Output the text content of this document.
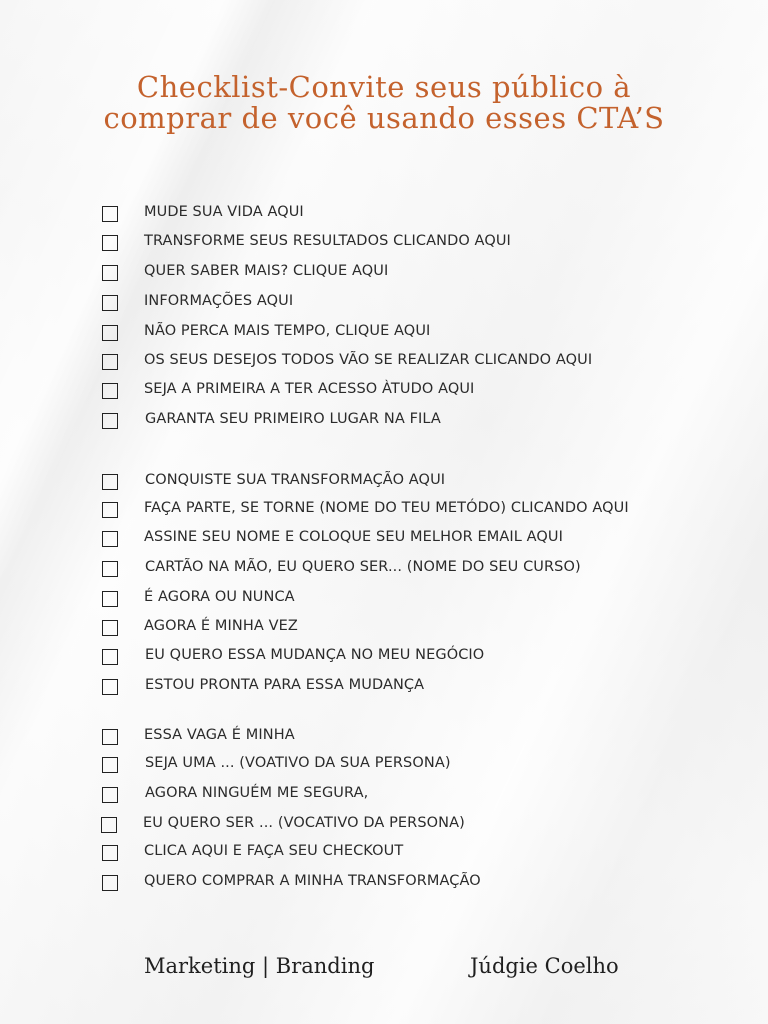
Checklist-Convite seus público à
comprar de você usando esses CTA’S
MUDE SUA VIDA AQUI
TRANSFORME SEUS RESULTADOS CLICANDO AQUI
QUER SABER MAIS? CLIQUE AQUI
INFORMAÇÕES AQUI
NÃO PERCA MAIS TEMPO, CLIQUE AQUI
OS SEUS DESEJOS TODOS VÃO SE REALIZAR CLICANDO AQUI
SEJA A PRIMEIRA A TER ACESSO ÀTUDO AQUI
GARANTA SEU PRIMEIRO LUGAR NA FILA
CONQUISTE SUA TRANSFORMAÇÃO AQUI
FAÇA PARTE, SE TORNE (NOME DO TEU METÓDO) CLICANDO AQUI
ASSINE SEU NOME E COLOQUE SEU MELHOR EMAIL AQUI
CARTÃO NA MÃO, EU QUERO SER... (NOME DO SEU CURSO)
É AGORA OU NUNCA
AGORA É MINHA VEZ
EU QUERO ESSA MUDANÇA NO MEU NEGÓCIO
ESTOU PRONTA PARA ESSA MUDANÇA
ESSA VAGA É MINHA
SEJA UMA ... (VOATIVO DA SUA PERSONA)
AGORA NINGUÉM ME SEGURA,
EU QUERO SER ... (VOCATIVO DA PERSONA)
CLICA AQUI E FAÇA SEU CHECKOUT
QUERO COMPRAR A MINHA TRANSFORMAÇÃO
Marketing | Branding	Júdgie Coelho
